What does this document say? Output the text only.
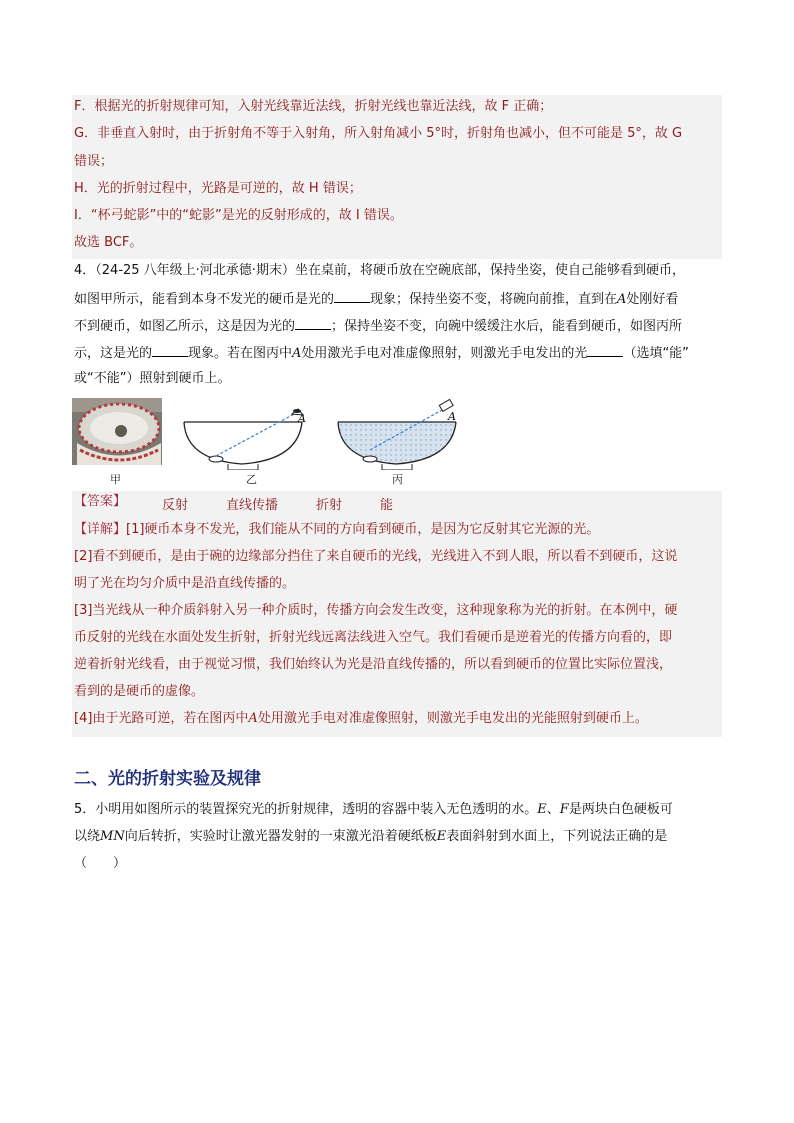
F．根据光的折射规律可知，入射光线靠近法线，折射光线也靠近法线，故 F 正确；
G．非垂直入射时，由于折射角不等于入射角，所入射角减小 5°时，折射角也减小，但不可能是 5°，故 G
错误；
H．光的折射过程中，光路是可逆的，故 H 错误；
I．“杯弓蛇影”中的“蛇影”是光的反射形成的，故 I 错误。
故选 BCF。
4．（24-25 八年级上·河北承德·期末）坐在桌前，将硬币放在空碗底部，保持坐姿，使自己能够看到硬币，
如图甲所示，能看到本身不发光的硬币是光的	现象；保持坐姿不变，将碗向前推，直到在A处刚好看
不到硬币，如图乙所示，这是因为光的	；保持坐姿不变，向碗中缓缓注水后，能看到硬币，如图丙所
示，这是光的	现象。若在图丙中A处用激光手电对准虚像照射，则激光手电发出的光	（选填“能”
或“不能”）照射到硬币上。
甲
A
乙
A
丙
【答案】	反射	直线传播	折射	能
【详解】[1]硬币本身不发光，我们能从不同的方向看到硬币，是因为它反射其它光源的光。
[2]看不到硬币，是由于碗的边缘部分挡住了来自硬币的光线，光线进入不到人眼，所以看不到硬币，这说
明了光在均匀介质中是沿直线传播的。
[3]当光线从一种介质斜射入另一种介质时，传播方向会发生改变，这种现象称为光的折射。在本例中，硬
币反射的光线在水面处发生折射，折射光线远离法线进入空气。我们看硬币是逆着光的传播方向看的，即
逆着折射光线看，由于视觉习惯，我们始终认为光是沿直线传播的，所以看到硬币的位置比实际位置浅，
看到的是硬币的虚像。
[4]由于光路可逆，若在图丙中A处用激光手电对准虚像照射，则激光手电发出的光能照射到硬币上。
二、光的折射实验及规律
5．小明用如图所示的装置探究光的折射规律，透明的容器中装入无色透明的水。E、F是两块白色硬板可
以绕MN向后转折，实验时让激光器发射的一束激光沿着硬纸板E表面斜射到水面上，下列说法正确的是
（　　）
